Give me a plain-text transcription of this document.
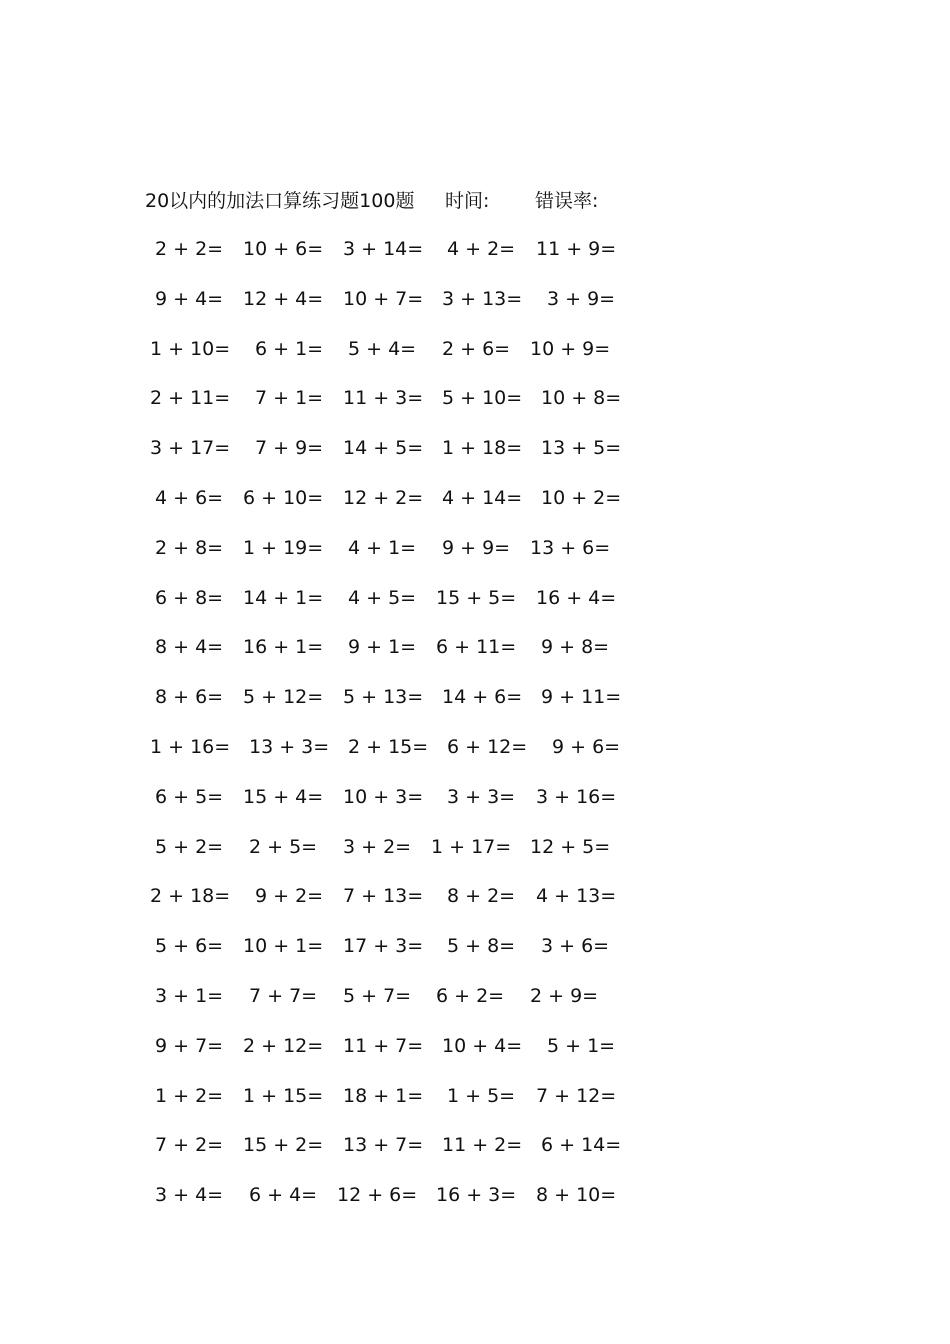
20以内的加法口算练习题100题 时间: 错误率:
2 + 2= 10 + 6= 3 + 14= 4 + 2= 11 + 9=
9 + 4= 12 + 4= 10 + 7= 3 + 13= 3 + 9=
1 + 10= 6 + 1= 5 + 4= 2 + 6= 10 + 9=
2 + 11= 7 + 1= 11 + 3= 5 + 10= 10 + 8=
3 + 17= 7 + 9= 14 + 5= 1 + 18= 13 + 5=
4 + 6= 6 + 10= 12 + 2= 4 + 14= 10 + 2=
2 + 8= 1 + 19= 4 + 1= 9 + 9= 13 + 6=
6 + 8= 14 + 1= 4 + 5= 15 + 5= 16 + 4=
8 + 4= 16 + 1= 9 + 1= 6 + 11= 9 + 8=
8 + 6= 5 + 12= 5 + 13= 14 + 6= 9 + 11=
1 + 16= 13 + 3= 2 + 15= 6 + 12= 9 + 6=
6 + 5= 15 + 4= 10 + 3= 3 + 3= 3 + 16=
5 + 2= 2 + 5= 3 + 2= 1 + 17= 12 + 5=
2 + 18= 9 + 2= 7 + 13= 8 + 2= 4 + 13=
5 + 6= 10 + 1= 17 + 3= 5 + 8= 3 + 6=
3 + 1= 7 + 7= 5 + 7= 6 + 2= 2 + 9=
9 + 7= 2 + 12= 11 + 7= 10 + 4= 5 + 1=
1 + 2= 1 + 15= 18 + 1= 1 + 5= 7 + 12=
7 + 2= 15 + 2= 13 + 7= 11 + 2= 6 + 14=
3 + 4= 6 + 4= 12 + 6= 16 + 3= 8 + 10=
